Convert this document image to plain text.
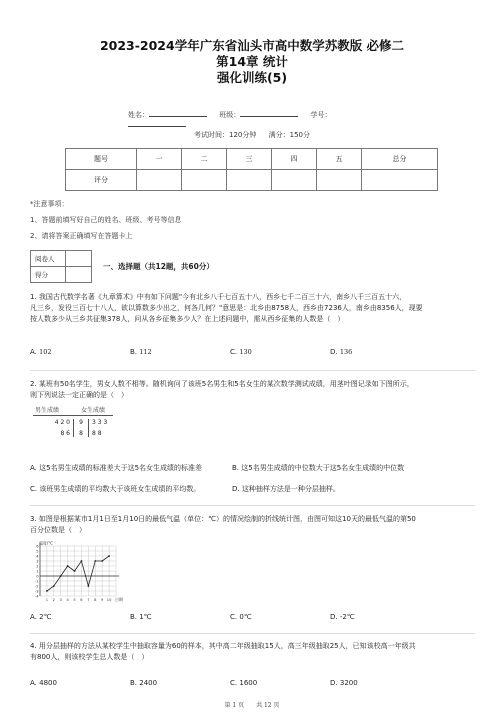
2023-2024学年广东省汕头市高中数学苏教版 必修二
第14章 统计
强化训练(5)
姓名：	班级：	学号：
考试时间：120分钟 满分：150分
题号	一	二	三	四	五	总分
评分						
*注意事项：
1、答题前填写好自己的姓名、班级、考号等信息
2、请将答案正确填写在答题卡上
阅卷人	
得分	
一、选择题（共12题，共60分）
1. 我国古代数学名著《九章算术》中有如下问题"今有北乡八千七百五十八，西乡七千二百三十六，南乡八千三百五十六，
凡三乡，发役三百七十八人，欲以算数多少出之，何各几何？"意思是：北乡由8758人，西乡由7236人，南乡由8356人，现要
按人数多少从三乡共征集378人，问从各乡征集多少人？在上述问题中，需从西乡征集的人数是（　）
A. 102	B. 112	C. 130	D. 136
2. 某班有50名学生，男女人数不相等。随机询问了该班5名男生和5名女生的某次数学测试成绩，用茎叶图记录如下图所示，
则下列说法一定正确的是（　）
男生成绩	女生成绩
4 2 0	9	3 3 3
8 6	8	8 8
A. 这5名男生成绩的标准差大于这5名女生成绩的标准差	B. 这5名男生成绩的中位数大于这5名女生成绩的中位数
C. 该班男生成绩的平均数大于该班女生成绩的平均数。	D. 这种抽样方法是一种分层抽样。
3. 如图是根据某市1月1日至1月10日的最低气温（单位：℃）的情况绘制的折线统计图，由图可知这10天的最低气温的第50
百分位数是（　）
6
5
4
3
2
1
0
-1
-2
-3
-4
1 2 3 4 5 6 7 8 9 10
温度/℃
日期
A. 2℃	B. 1℃	C. 0℃	D. -2℃
4. 用分层抽样的方法从某校学生中抽取容量为60的样本，其中高二年级抽取15人，高三年级抽取25人，已知该校高一年级共
有800人，则该校学生总人数是（　）
A. 4800	B. 2400	C. 1600	D. 3200
第 1 页　　共 12 页
